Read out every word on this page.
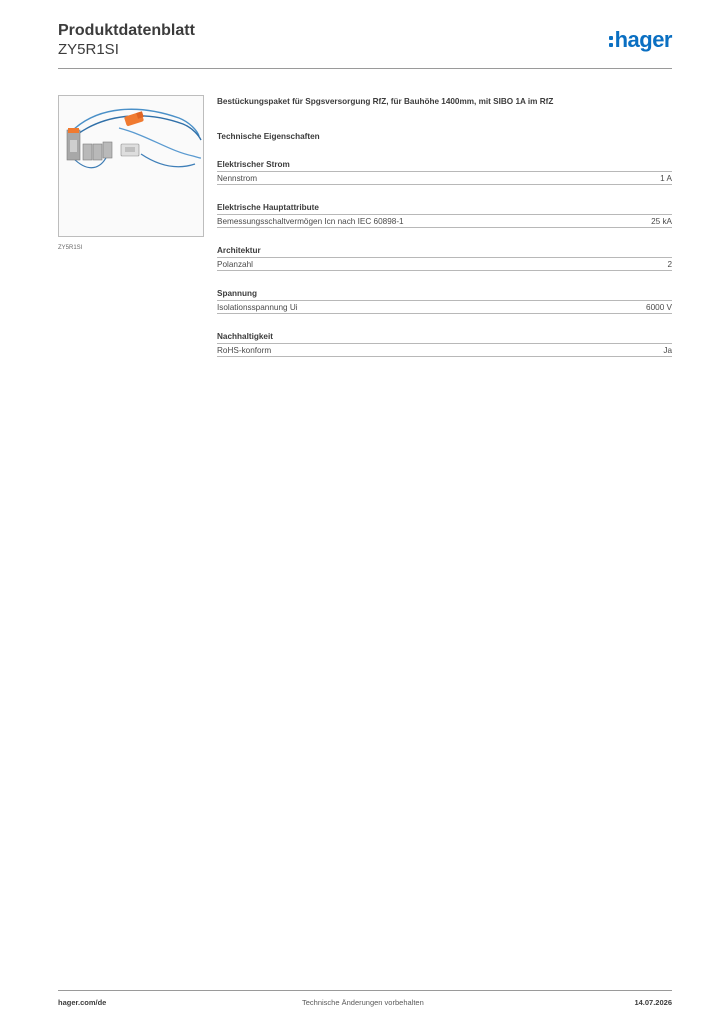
Produktdatenblatt
ZY5R1SI	hager
ZY5R1SI
Bestückungspaket für Spgsversorgung RfZ, für Bauhöhe 1400mm, mit SIBO 1A im RfZ
Technische Eigenschaften
Elektrischer Strom
Nennstrom	1 A
Elektrische Hauptattribute
Bemessungsschaltvermögen Icn nach IEC 60898-1	25 kA
Architektur
Polanzahl	2
Spannung
Isolationsspannung Ui	6000 V
Nachhaltigkeit
RoHS-konform	Ja
hager.com/de	Technische Änderungen vorbehalten	14.07.2026
